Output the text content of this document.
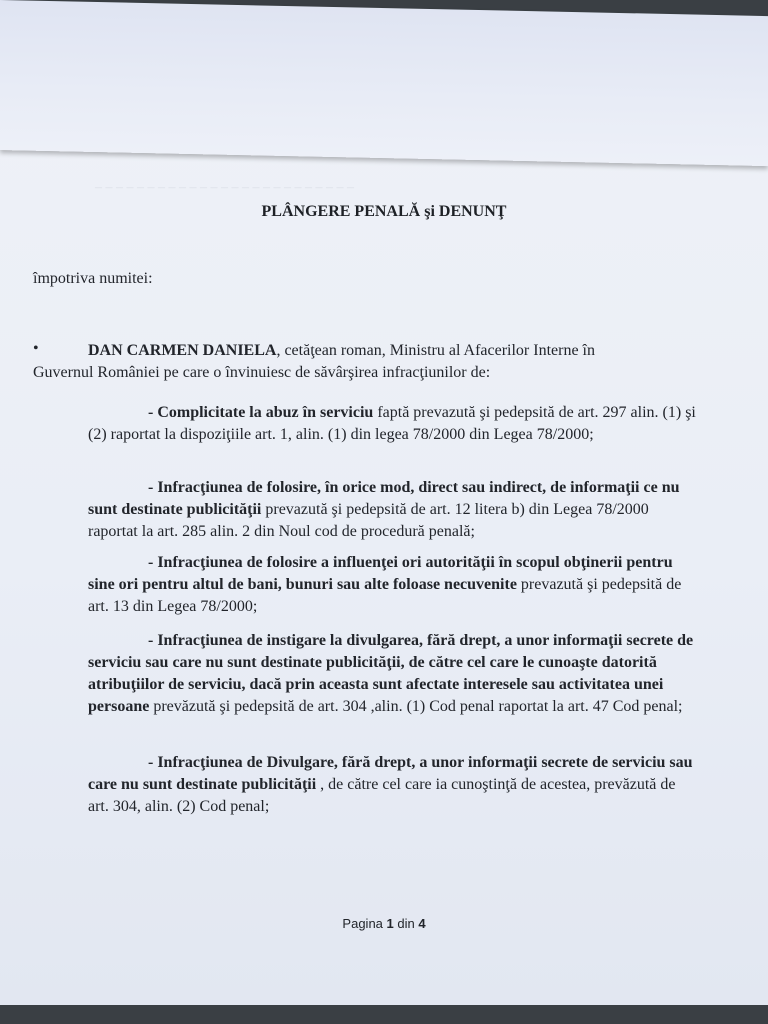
– – – – – – – – – – – – – – – – – – – – – – – – –
PLÂNGERE PENALĂ şi DENUNŢ
împotriva numitei:
•	DAN CARMEN DANIELA, cetăţean roman, Ministru al Afacerilor Interne în
Guvernul României pe care o învinuiesc de săvârşirea infracţiunilor de:
- Complicitate la abuz în serviciu faptă prevazută şi pedepsită de art. 297 alin. (1) şi (2) raportat la dispoziţiile art. 1, alin. (1) din legea 78/2000 din Legea 78/2000;
- Infracţiunea de folosire, în orice mod, direct sau indirect, de informaţii ce nu sunt destinate publicităţii prevazută şi pedepsită de art. 12 litera b) din Legea 78/2000 raportat la art. 285 alin. 2 din Noul cod de procedură penală;
- Infracţiunea de folosire a influenţei ori autorităţii în scopul obţinerii pentru sine ori pentru altul de bani, bunuri sau alte foloase necuvenite prevazută şi pedepsită de art. 13 din Legea 78/2000;
- Infracţiunea de instigare la divulgarea, fără drept, a unor informaţii secrete de serviciu sau care nu sunt destinate publicităţii, de către cel care le cunoaşte datorită atribuţiilor de serviciu, dacă prin aceasta sunt afectate interesele sau activitatea unei persoane prevăzută şi pedepsită de art. 304 ,alin. (1) Cod penal raportat la art. 47 Cod penal;
- Infracţiunea de Divulgare, fără drept, a unor informaţii secrete de serviciu sau care nu sunt destinate publicităţii , de către cel care ia cunoştinţă de acestea, prevăzută de art. 304, alin. (2) Cod penal;
Pagina 1 din 4
